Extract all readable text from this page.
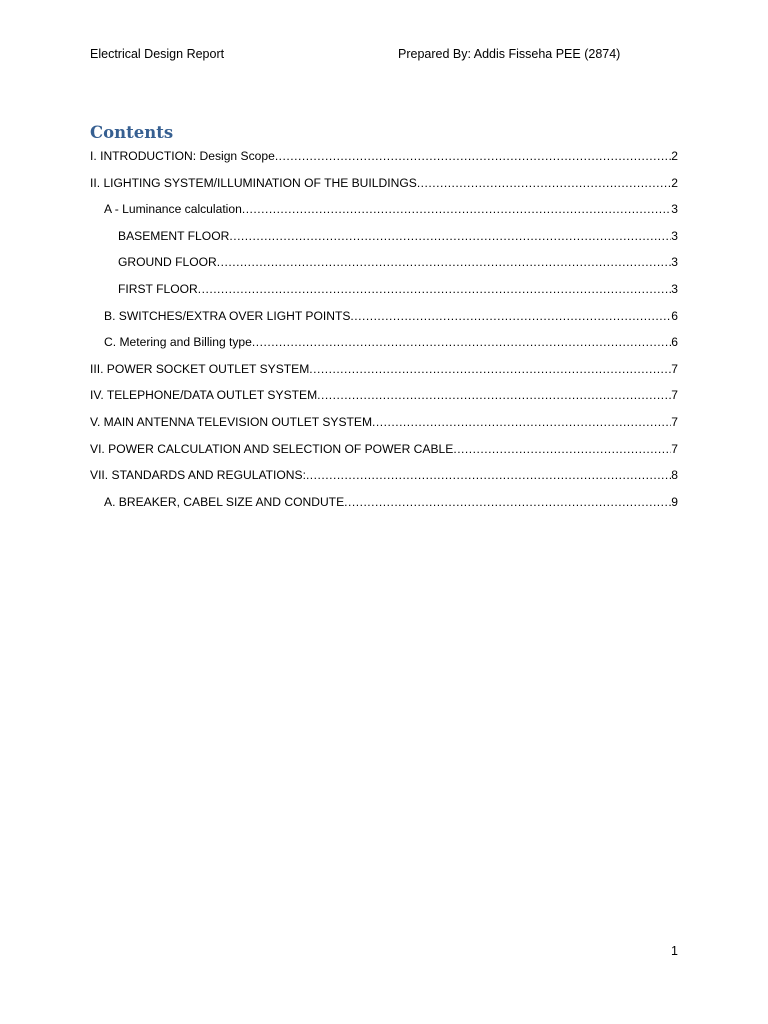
Electrical Design Report	Prepared By: Addis Fisseha PEE (2874)
Contents
I. INTRODUCTION: Design Scope .....	2
II. LIGHTING SYSTEM/ILLUMINATION OF THE BUILDINGS .....	2
A - Luminance calculation .....	3
BASEMENT FLOOR .....	3
GROUND FLOOR .....	3
FIRST FLOOR .....	3
B. SWITCHES/EXTRA OVER LIGHT POINTS .....	6
C. Metering and Billing type .....	6
III. POWER SOCKET OUTLET SYSTEM .....	7
IV. TELEPHONE/DATA OUTLET SYSTEM .....	7
V. MAIN ANTENNA TELEVISION OUTLET SYSTEM .....	7
VI. POWER CALCULATION AND SELECTION OF POWER CABLE .....	7
VII. STANDARDS AND REGULATIONS: .....	8
A. BREAKER, CABEL SIZE AND CONDUTE .....	9
1
